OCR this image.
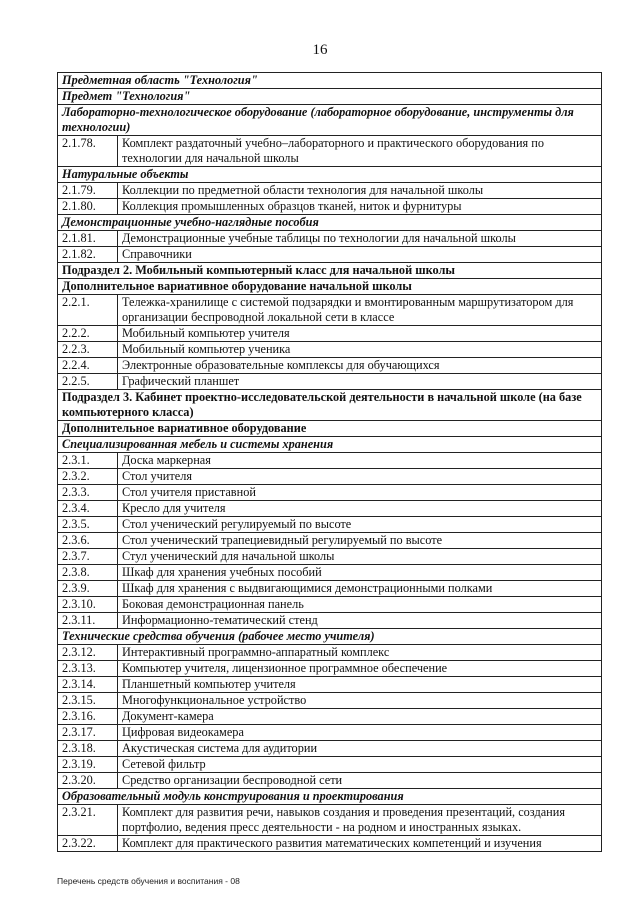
16
Предметная область "Технология"	
Предмет "Технология"	
Лабораторно-технологическое оборудование (лабораторное оборудование, инструменты для технологии)	
2.1.78.	Комплект раздаточный учебно–лабораторного и практического оборудования по технологии для начальной школы
Натуральные объекты	
2.1.79.	Коллекции по предметной области технология для начальной школы
2.1.80.	Коллекция промышленных образцов тканей, ниток и фурнитуры
Демонстрационные учебно-наглядные пособия	
2.1.81.	Демонстрационные учебные таблицы по технологии для начальной школы
2.1.82.	Справочники
Подраздел 2. Мобильный компьютерный класс для начальной школы	
Дополнительное вариативное оборудование начальной школы	
2.2.1.	Тележка-хранилище с системой подзарядки и вмонтированным маршрутизатором для организации беспроводной локальной сети в классе
2.2.2.	Мобильный компьютер учителя
2.2.3.	Мобильный компьютер ученика
2.2.4.	Электронные образовательные комплексы для обучающихся
2.2.5.	Графический планшет
Подраздел 3. Кабинет проектно-исследовательской деятельности в начальной школе (на базе компьютерного класса)	
Дополнительное вариативное оборудование	
Специализированная мебель и системы хранения	
2.3.1.	Доска маркерная
2.3.2.	Стол учителя
2.3.3.	Стол учителя приставной
2.3.4.	Кресло для учителя
2.3.5.	Стол ученический регулируемый по высоте
2.3.6.	Стол ученический трапециевидный регулируемый по высоте
2.3.7.	Стул ученический для начальной школы
2.3.8.	Шкаф для хранения учебных пособий
2.3.9.	Шкаф для хранения с выдвигающимися демонстрационными полками
2.3.10.	Боковая демонстрационная панель
2.3.11.	Информационно-тематический стенд
Технические средства обучения (рабочее место учителя)	
2.3.12.	Интерактивный программно-аппаратный комплекс
2.3.13.	Компьютер учителя, лицензионное программное обеспечение
2.3.14.	Планшетный компьютер учителя
2.3.15.	Многофункциональное устройство
2.3.16.	Документ-камера
2.3.17.	Цифровая видеокамера
2.3.18.	Акустическая система для аудитории
2.3.19.	Сетевой фильтр
2.3.20.	Средство организации беспроводной сети
Образовательный модуль конструирования и проектирования	
2.3.21.	Комплект для развития речи, навыков создания и проведения презентаций, создания портфолио, ведения пресс деятельности - на родном и иностранных языках.
2.3.22.	Комплект для практического развития математических компетенций и изучения
Перечень средств обучения и воспитания - 08
